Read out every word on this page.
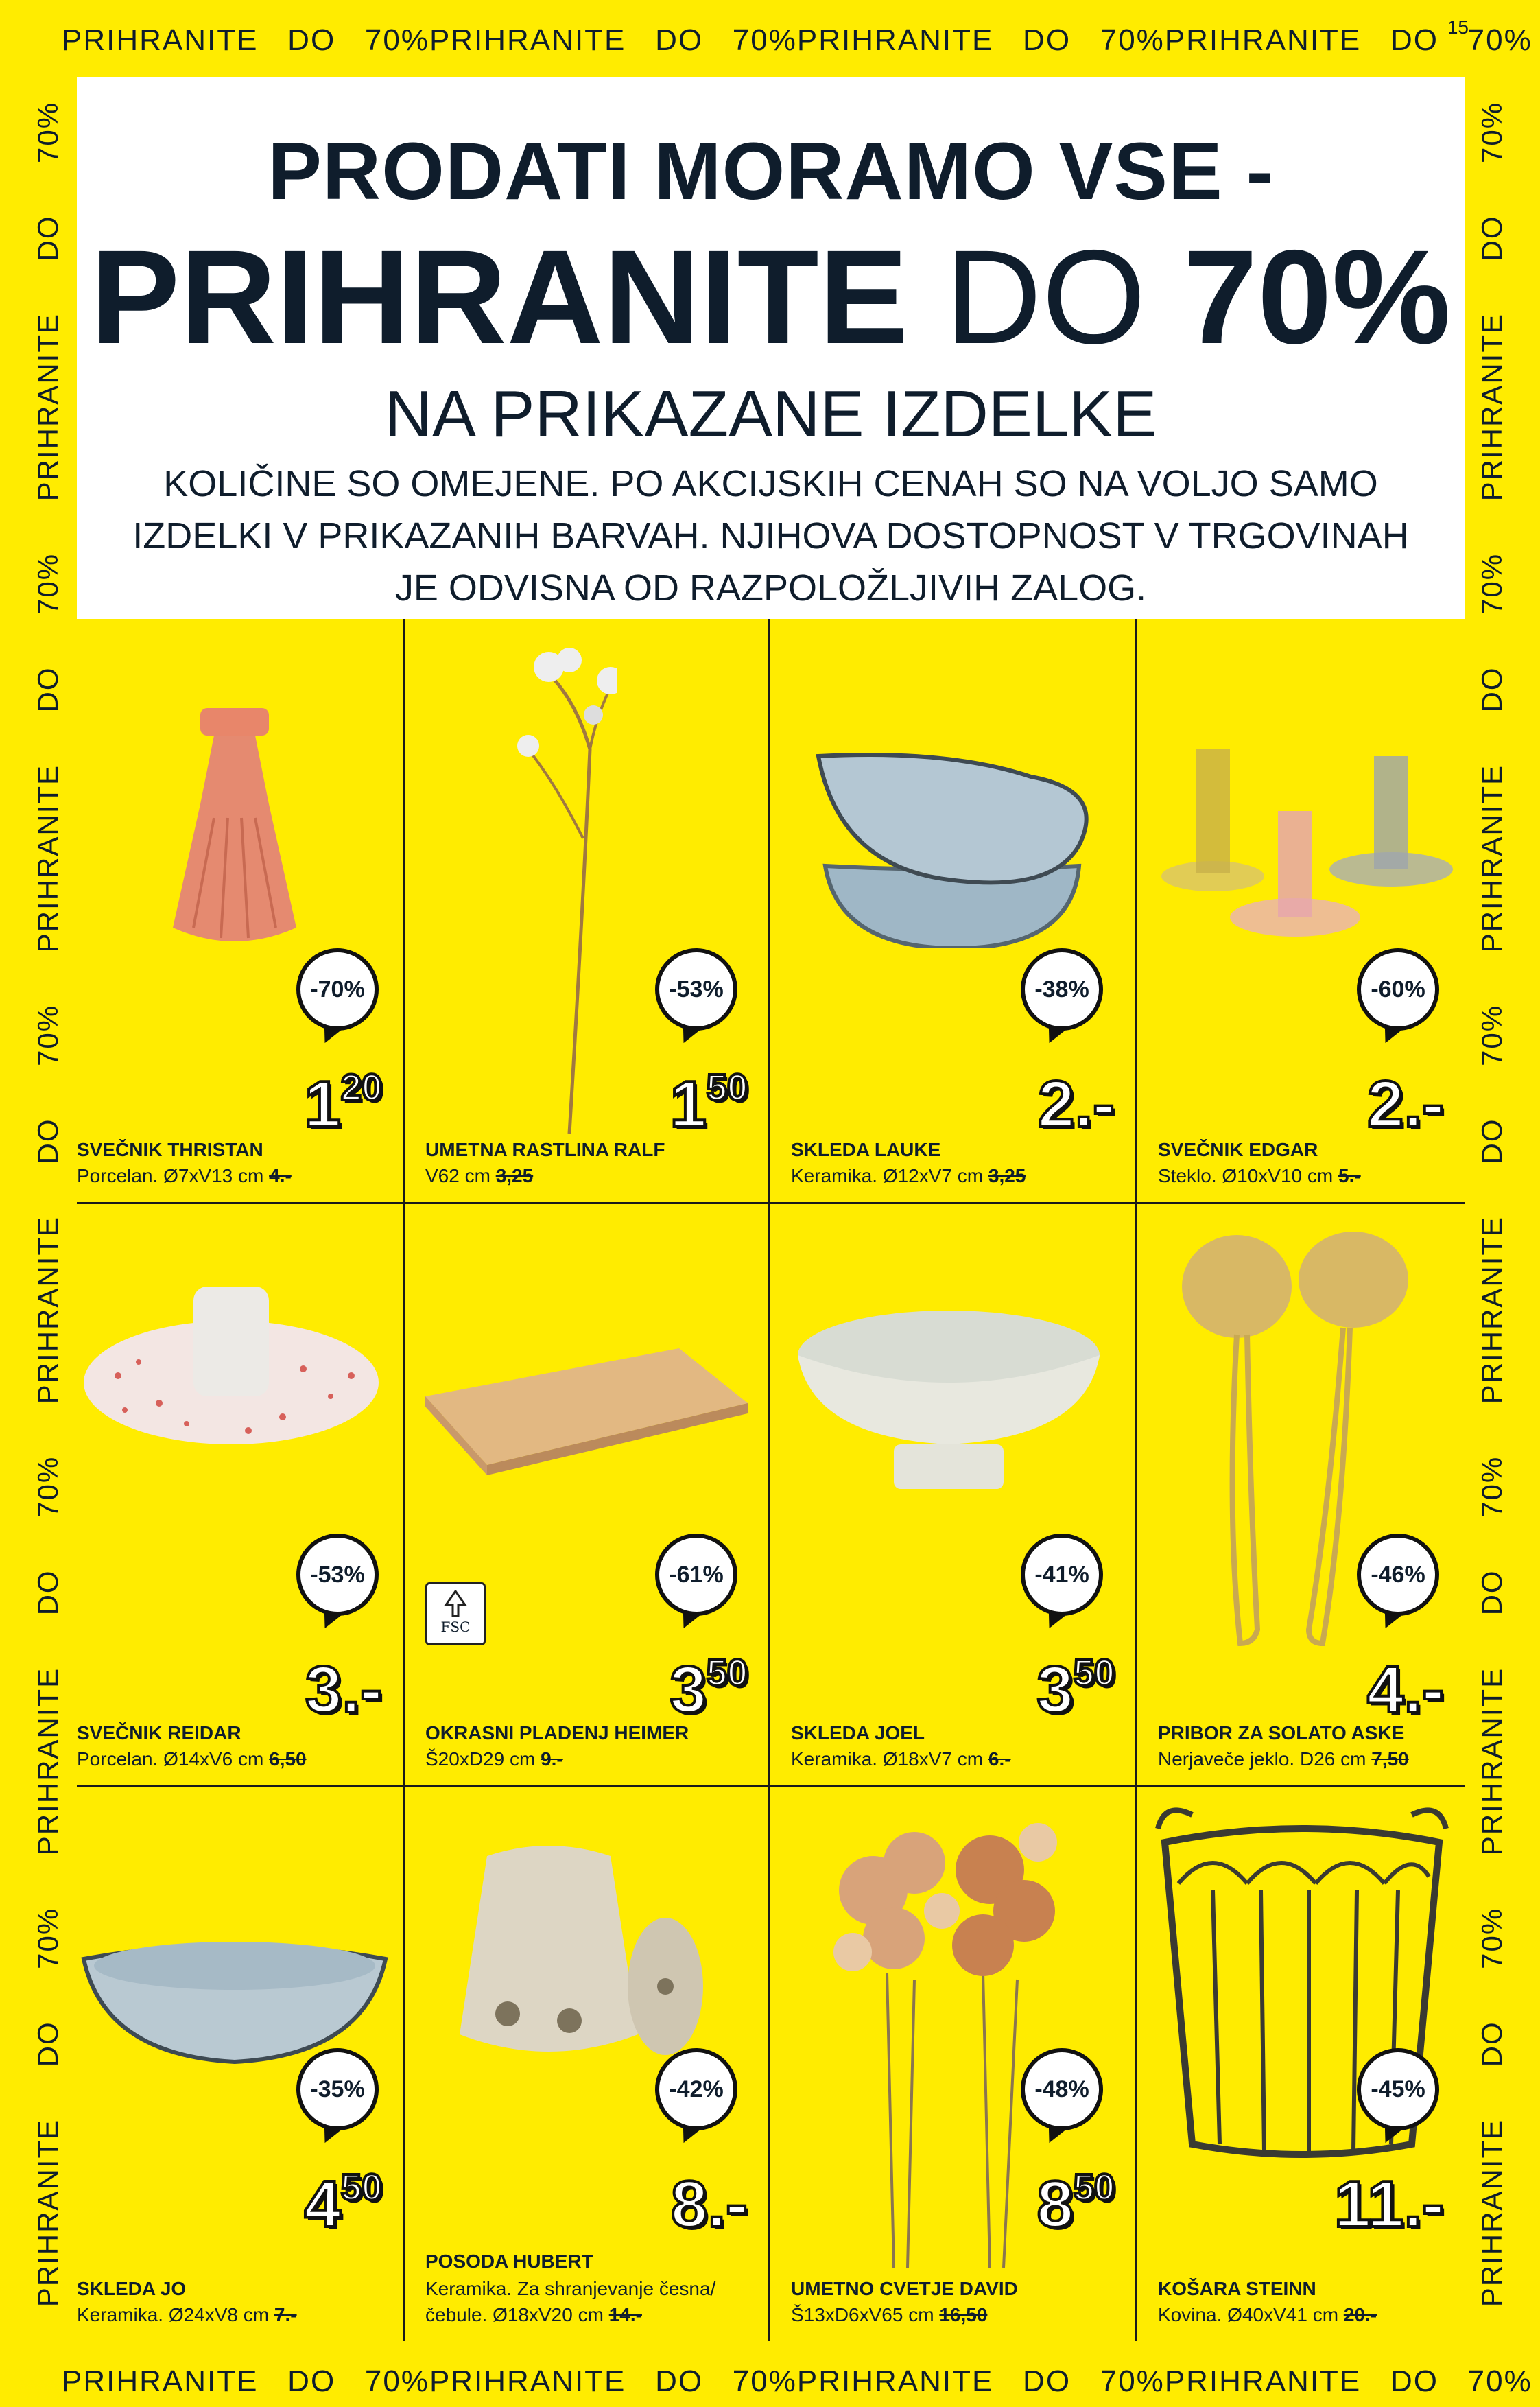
15
PRIHRANITE DO 70% PRIHRANITE DO 70% PRIHRANITE DO 70% PRIHRANITE DO 70%
PRIHRANITE DO 70% PRIHRANITE DO 70% PRIHRANITE DO 70% PRIHRANITE DO 70%
PRIHRANITE
DO
70%
PRIHRANITE
DO
70%
PRIHRANITE
DO
70%
PRIHRANITE
DO
70%
PRIHRANITE
DO
70%
PRIHRANITE
DO
70%
PRIHRANITE
DO
70%
PRIHRANITE
DO
70%
PRIHRANITE
DO
70%
PRIHRANITE
DO
70%
PRODATI MORAMO VSE -
PRIHRANITE DO 70%
NA PRIKAZANE IZDELKE
KOLIČINE SO OMEJENE. PO AKCIJSKIH CENAH SO NA VOLJO SAMO
IZDELKI V PRIKAZANIH BARVAH. NJIHOVA DOSTOPNOST V TRGOVINAH
JE ODVISNA OD RAZPOLOŽLJIVIH ZALOG.
-70%
$1^{20}$
SVEČNIK THRISTAN
Porcelan. Ø7xV13 cm 4.-
-53%
$1^{50}$
UMETNA RASTLINA RALF
V62 cm 3,25
-38%
2.-
SKLEDA LAUKE
Keramika. Ø12xV7 cm 3,25
-60%
2.-
SVEČNIK EDGAR
Steklo. Ø10xV10 cm 5.-
-53%
3.-
SVEČNIK REIDAR
Porcelan. Ø14xV6 cm 6,50
FSC
-61%
$3^{50}$
OKRASNI PLADENJ HEIMER
Š20xD29 cm 9.-
-41%
$3^{50}$
SKLEDA JOEL
Keramika. Ø18xV7 cm 6.-
-46%
4.-
PRIBOR ZA SOLATO ASKE
Nerjaveče jeklo. D26 cm 7,50
-35%
$4^{50}$
SKLEDA JO
Keramika. Ø24xV8 cm 7.-
-42%
8.-
POSODA HUBERT
Keramika. Za shranjevanje česna/
čebule. Ø18xV20 cm 14.-
-48%
$8^{50}$
UMETNO CVETJE DAVID
Š13xD6xV65 cm 16,50
-45%
11.-
KOŠARA STEINN
Kovina. Ø40xV41 cm 20.-
